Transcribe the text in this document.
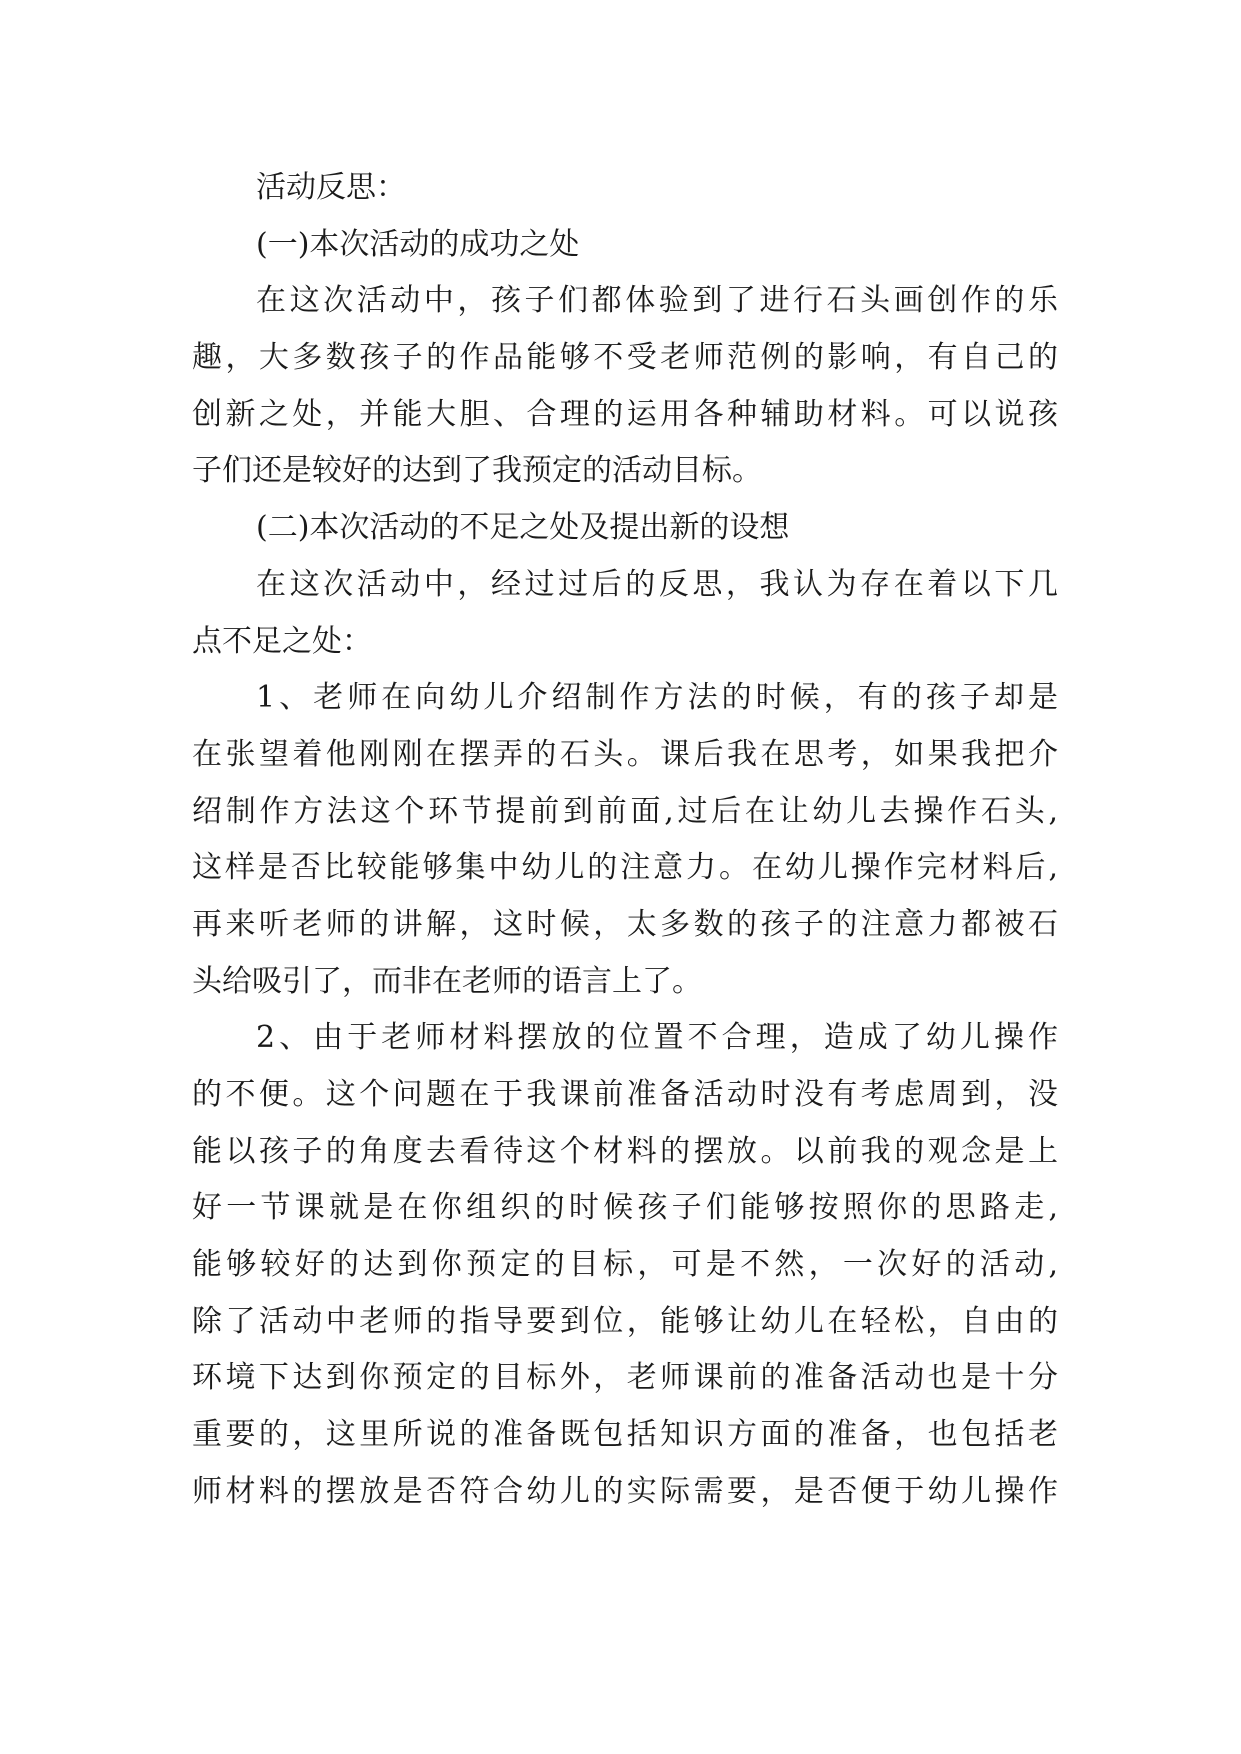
活动反思：
(一)本次活动的成功之处
在这次活动中，孩子们都体验到了进行石头画创作的乐
趣，大多数孩子的作品能够不受老师范例的影响，有自己的
创新之处，并能大胆、合理的运用各种辅助材料。可以说孩
子们还是较好的达到了我预定的活动目标。
(二)本次活动的不足之处及提出新的设想
在这次活动中，经过过后的反思，我认为存在着以下几
点不足之处：
1、老师在向幼儿介绍制作方法的时候，有的孩子却是
在张望着他刚刚在摆弄的石头。课后我在思考，如果我把介
绍制作方法这个环节提前到前面,过后在让幼儿去操作石头,
这样是否比较能够集中幼儿的注意力。在幼儿操作完材料后,
再来听老师的讲解，这时候，太多数的孩子的注意力都被石
头给吸引了，而非在老师的语言上了。
2、由于老师材料摆放的位置不合理，造成了幼儿操作
的不便。这个问题在于我课前准备活动时没有考虑周到，没
能以孩子的角度去看待这个材料的摆放。以前我的观念是上
好一节课就是在你组织的时候孩子们能够按照你的思路走,
能够较好的达到你预定的目标，可是不然，一次好的活动,
除了活动中老师的指导要到位，能够让幼儿在轻松，自由的
环境下达到你预定的目标外，老师课前的准备活动也是十分
重要的，这里所说的准备既包括知识方面的准备，也包括老
师材料的摆放是否符合幼儿的实际需要，是否便于幼儿操作
